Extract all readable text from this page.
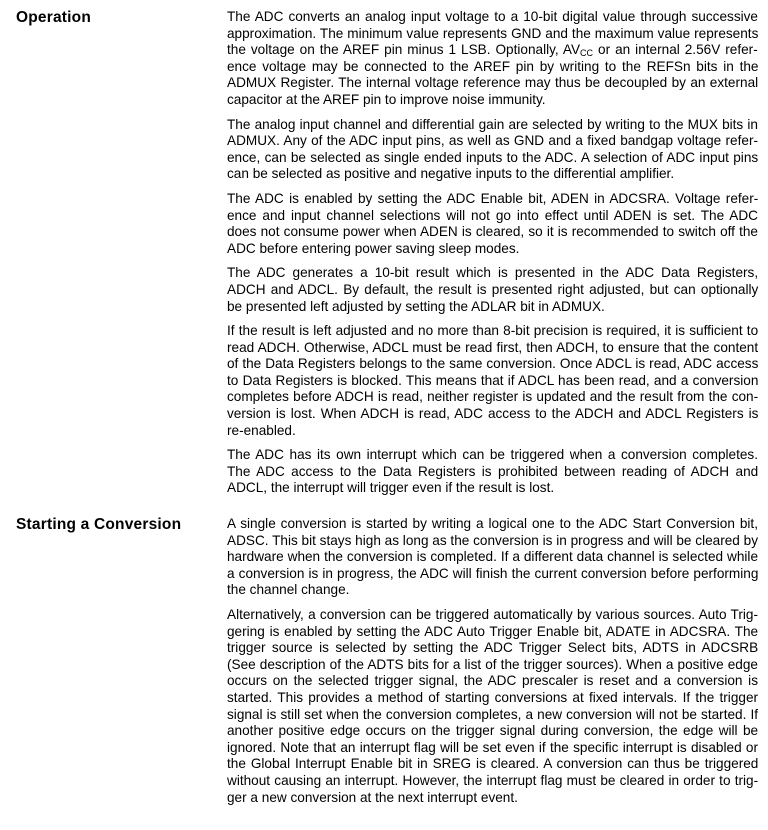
Operation	The ADC converts an analog input voltage to a 10-bit digital value through successive
approximation. The minimum value represents GND and the maximum value represents
the voltage on the AREF pin minus 1 LSB. Optionally, $AV_{CC}$ or an internal 2.56V refer-
ence voltage may be connected to the AREF pin by writing to the REFSn bits in the
ADMUX Register. The internal voltage reference may thus be decoupled by an external
capacitor at the AREF pin to improve noise immunity.
The analog input channel and differential gain are selected by writing to the MUX bits in
ADMUX. Any of the ADC input pins, as well as GND and a fixed bandgap voltage refer-
ence, can be selected as single ended inputs to the ADC. A selection of ADC input pins
can be selected as positive and negative inputs to the differential amplifier.
The ADC is enabled by setting the ADC Enable bit, ADEN in ADCSRA. Voltage refer-
ence and input channel selections will not go into effect until ADEN is set. The ADC
does not consume power when ADEN is cleared, so it is recommended to switch off the
ADC before entering power saving sleep modes.
The ADC generates a 10-bit result which is presented in the ADC Data Registers,
ADCH and ADCL. By default, the result is presented right adjusted, but can optionally
be presented left adjusted by setting the ADLAR bit in ADMUX.
If the result is left adjusted and no more than 8-bit precision is required, it is sufficient to
read ADCH. Otherwise, ADCL must be read first, then ADCH, to ensure that the content
of the Data Registers belongs to the same conversion. Once ADCL is read, ADC access
to Data Registers is blocked. This means that if ADCL has been read, and a conversion
completes before ADCH is read, neither register is updated and the result from the con-
version is lost. When ADCH is read, ADC access to the ADCH and ADCL Registers is
re-enabled.
The ADC has its own interrupt which can be triggered when a conversion completes.
The ADC access to the Data Registers is prohibited between reading of ADCH and
ADCL, the interrupt will trigger even if the result is lost.
Starting a Conversion	A single conversion is started by writing a logical one to the ADC Start Conversion bit,
ADSC. This bit stays high as long as the conversion is in progress and will be cleared by
hardware when the conversion is completed. If a different data channel is selected while
a conversion is in progress, the ADC will finish the current conversion before performing
the channel change.
Alternatively, a conversion can be triggered automatically by various sources. Auto Trig-
gering is enabled by setting the ADC Auto Trigger Enable bit, ADATE in ADCSRA. The
trigger source is selected by setting the ADC Trigger Select bits, ADTS in ADCSRB
(See description of the ADTS bits for a list of the trigger sources). When a positive edge
occurs on the selected trigger signal, the ADC prescaler is reset and a conversion is
started. This provides a method of starting conversions at fixed intervals. If the trigger
signal is still set when the conversion completes, a new conversion will not be started. If
another positive edge occurs on the trigger signal during conversion, the edge will be
ignored. Note that an interrupt flag will be set even if the specific interrupt is disabled or
the Global Interrupt Enable bit in SREG is cleared. A conversion can thus be triggered
without causing an interrupt. However, the interrupt flag must be cleared in order to trig-
ger a new conversion at the next interrupt event.
